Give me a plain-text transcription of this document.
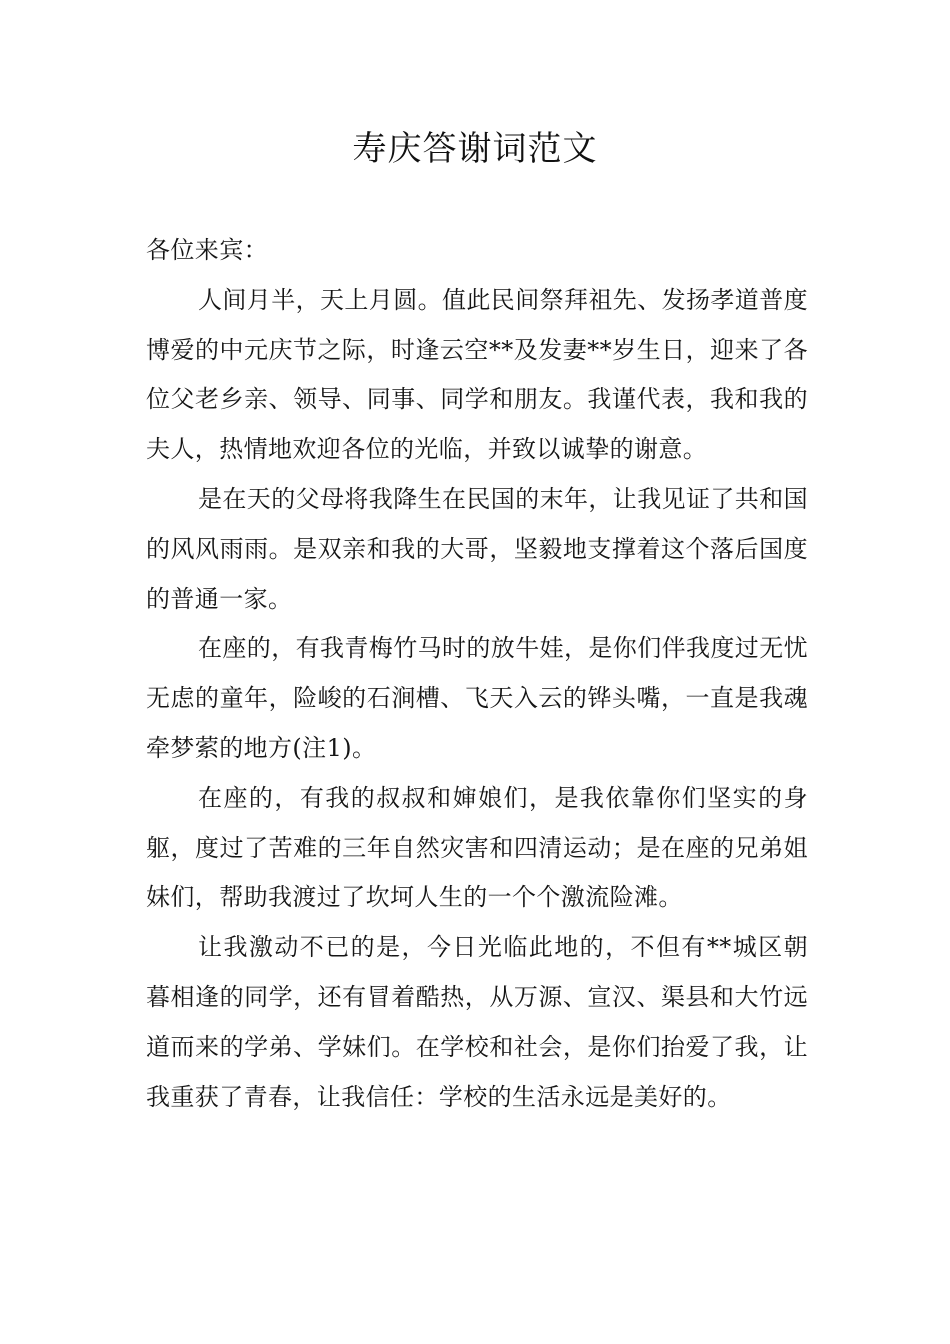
寿庆答谢词范文

各位来宾：

人间月半，天上月圆。值此民间祭拜祖先、发扬孝道普度博爱的中元庆节之际，时逢云空**及发妻**岁生日，迎来了各位父老乡亲、领导、同事、同学和朋友。我谨代表，我和我的夫人，热情地欢迎各位的光临，并致以诚挚的谢意。

是在天的父母将我降生在民国的末年，让我见证了共和国的风风雨雨。是双亲和我的大哥，坚毅地支撑着这个落后国度的普通一家。

在座的，有我青梅竹马时的放牛娃，是你们伴我度过无忧无虑的童年，险峻的石涧槽、飞天入云的铧头嘴，一直是我魂牵梦萦的地方(注1)。

在座的，有我的叔叔和婶娘们，是我依靠你们坚实的身躯，度过了苦难的三年自然灾害和四清运动；是在座的兄弟姐妹们，帮助我渡过了坎坷人生的一个个激流险滩。

让我激动不已的是，今日光临此地的，不但有**城区朝暮相逢的同学，还有冒着酷热，从万源、宣汉、渠县和大竹远道而来的学弟、学妹们。在学校和社会，是你们抬爱了我，让我重获了青春，让我信任：学校的生活永远是美好的。
